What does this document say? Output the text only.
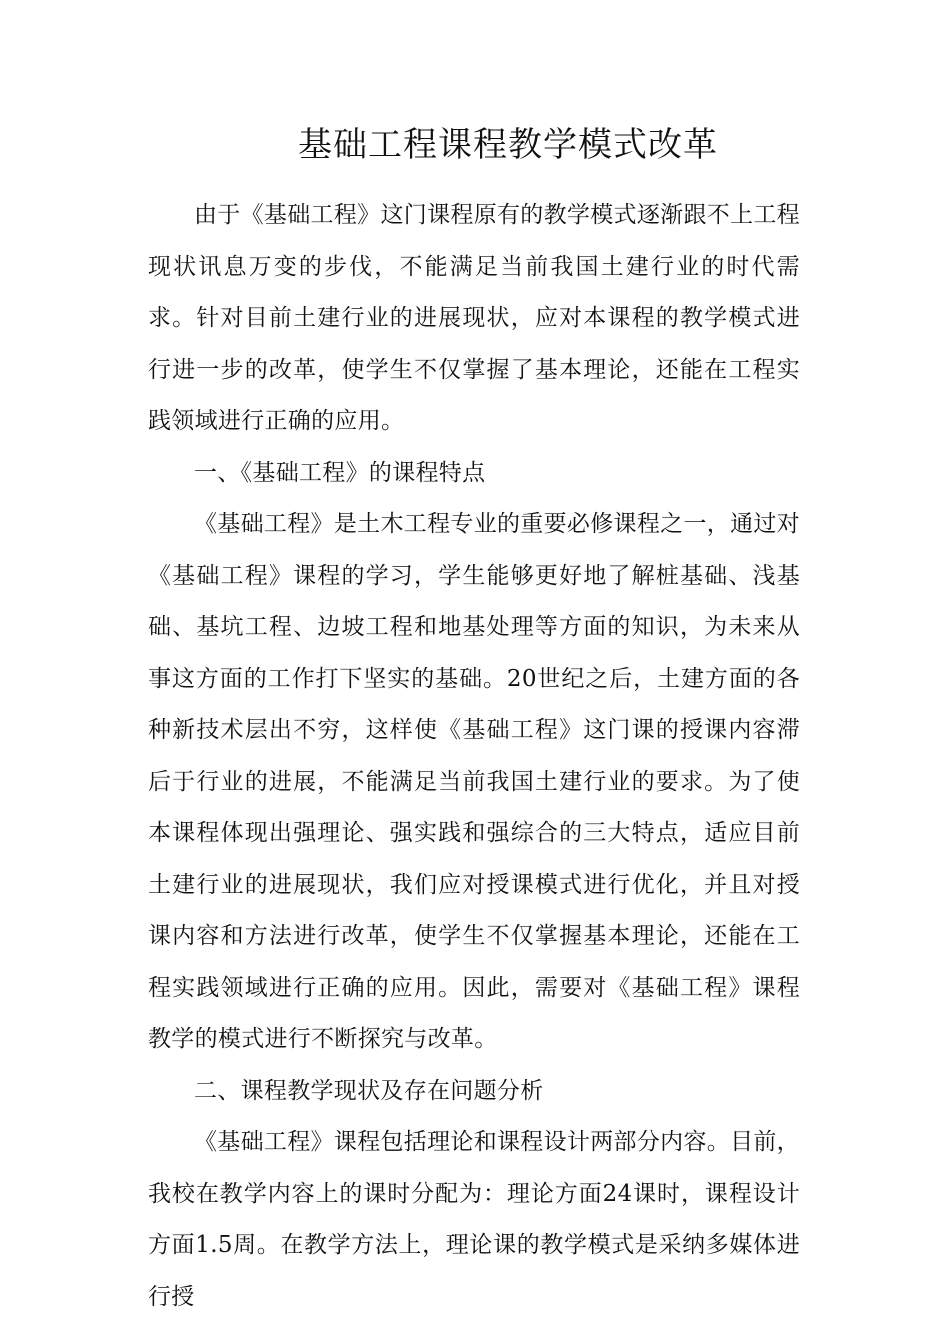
基础工程课程教学模式改革

由于《基础工程》这门课程原有的教学模式逐渐跟不上工程现状讯息万变的步伐，不能满足当前我国土建行业的时代需求。针对目前土建行业的进展现状，应对本课程的教学模式进行进一步的改革，使学生不仅掌握了基本理论，还能在工程实践领域进行正确的应用。

一、《基础工程》的课程特点

《基础工程》是土木工程专业的重要必修课程之一，通过对《基础工程》课程的学习，学生能够更好地了解桩基础、浅基础、基坑工程、边坡工程和地基处理等方面的知识，为未来从事这方面的工作打下坚实的基础。20世纪之后，土建方面的各种新技术层出不穷，这样使《基础工程》这门课的授课内容滞后于行业的进展，不能满足当前我国土建行业的要求。为了使本课程体现出强理论、强实践和强综合的三大特点，适应目前土建行业的进展现状，我们应对授课模式进行优化，并且对授课内容和方法进行改革，使学生不仅掌握基本理论，还能在工程实践领域进行正确的应用。因此，需要对《基础工程》课程教学的模式进行不断探究与改革。

二、课程教学现状及存在问题分析

《基础工程》课程包括理论和课程设计两部分内容。目前，我校在教学内容上的课时分配为：理论方面24课时，课程设计方面1.5周。在教学方法上，理论课的教学模式是采纳多媒体进行授
